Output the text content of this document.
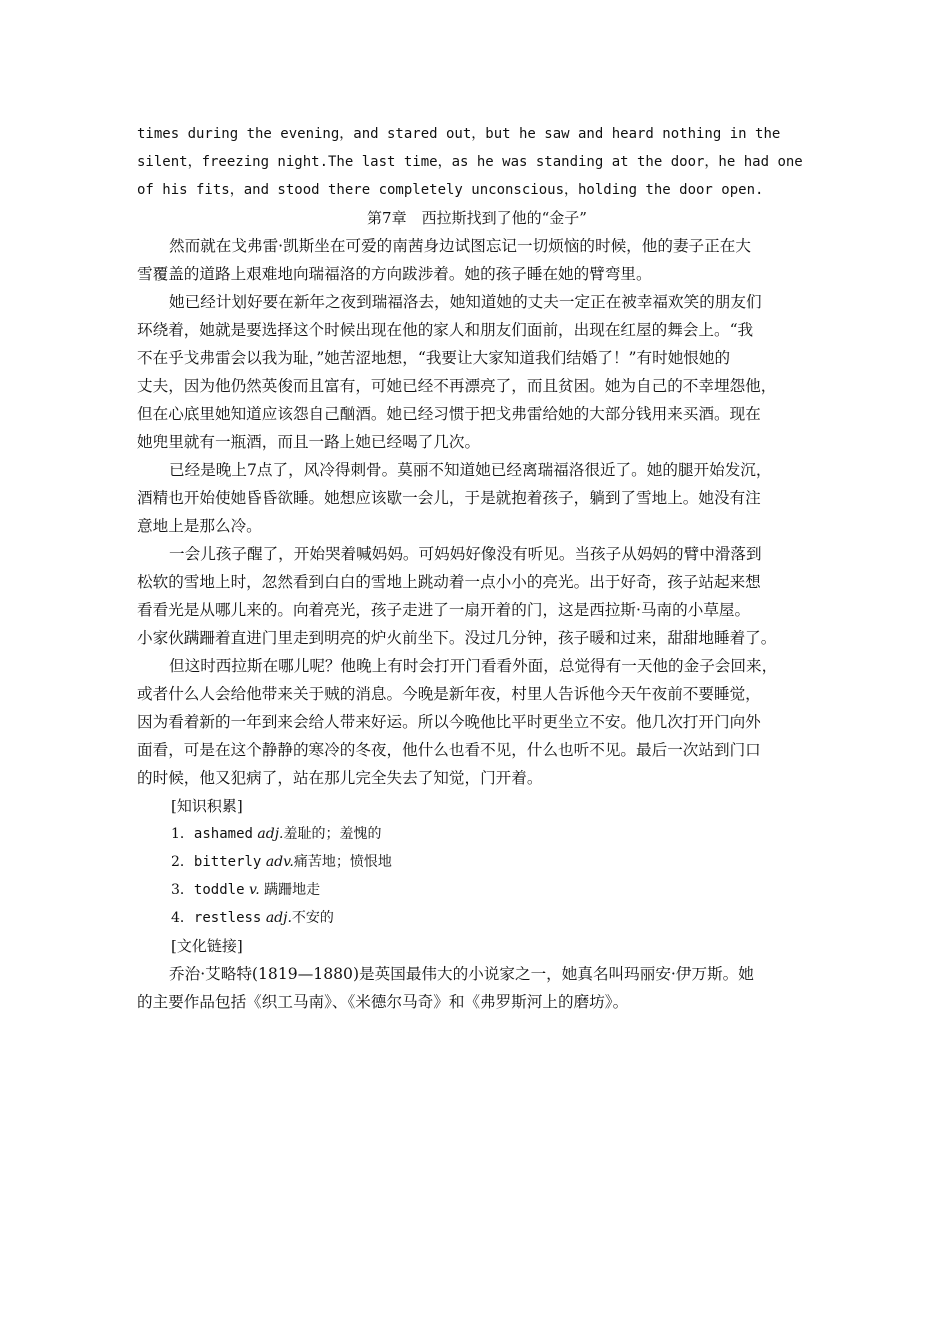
times during the evening，and stared out，but he saw and heard nothing in the

silent，freezing night.The last time，as he was standing at the door，he had one

of his fits，and stood there completely unconscious，holding the door open.

第7章　西拉斯找到了他的“金子”

然而就在戈弗雷·凯斯坐在可爱的南茜身边试图忘记一切烦恼的时候，他的妻子正在大

雪覆盖的道路上艰难地向瑞福洛的方向跋涉着。她的孩子睡在她的臂弯里。

她已经计划好要在新年之夜到瑞福洛去，她知道她的丈夫一定正在被幸福欢笑的朋友们

环绕着，她就是要选择这个时候出现在他的家人和朋友们面前，出现在红屋的舞会上。“我

不在乎戈弗雷会以我为耻，”她苦涩地想，“我要让大家知道我们结婚了！”有时她恨她的

丈夫，因为他仍然英俊而且富有，可她已经不再漂亮了，而且贫困。她为自己的不幸埋怨他，

但在心底里她知道应该怨自己酗酒。她已经习惯于把戈弗雷给她的大部分钱用来买酒。现在

她兜里就有一瓶酒，而且一路上她已经喝了几次。

已经是晚上7点了，风冷得刺骨。莫丽不知道她已经离瑞福洛很近了。她的腿开始发沉，

酒精也开始使她昏昏欲睡。她想应该歇一会儿，于是就抱着孩子，躺到了雪地上。她没有注

意地上是那么冷。

一会儿孩子醒了，开始哭着喊妈妈。可妈妈好像没有听见。当孩子从妈妈的臂中滑落到

松软的雪地上时，忽然看到白白的雪地上跳动着一点小小的亮光。出于好奇，孩子站起来想

看看光是从哪儿来的。向着亮光，孩子走进了一扇开着的门，这是西拉斯·马南的小草屋。

小家伙蹒跚着直进门里走到明亮的炉火前坐下。没过几分钟，孩子暖和过来，甜甜地睡着了。

但这时西拉斯在哪儿呢？他晚上有时会打开门看看外面，总觉得有一天他的金子会回来，

或者什么人会给他带来关于贼的消息。今晚是新年夜，村里人告诉他今天午夜前不要睡觉，

因为看着新的一年到来会给人带来好运。所以今晚他比平时更坐立不安。他几次打开门向外

面看，可是在这个静静的寒冷的冬夜，他什么也看不见，什么也听不见。最后一次站到门口

的时候，他又犯病了，站在那儿完全失去了知觉，门开着。

[知识积累]

1．ashamed adj.羞耻的；羞愧的

2．bitterly adv.痛苦地；愤恨地

3．toddle v. 蹒跚地走

4．restless adj.不安的

[文化链接]

乔治·艾略特(1819—1880)是英国最伟大的小说家之一，她真名叫玛丽安·伊万斯。她

的主要作品包括《织工马南》、《米德尔马奇》和《弗罗斯河上的磨坊》。
